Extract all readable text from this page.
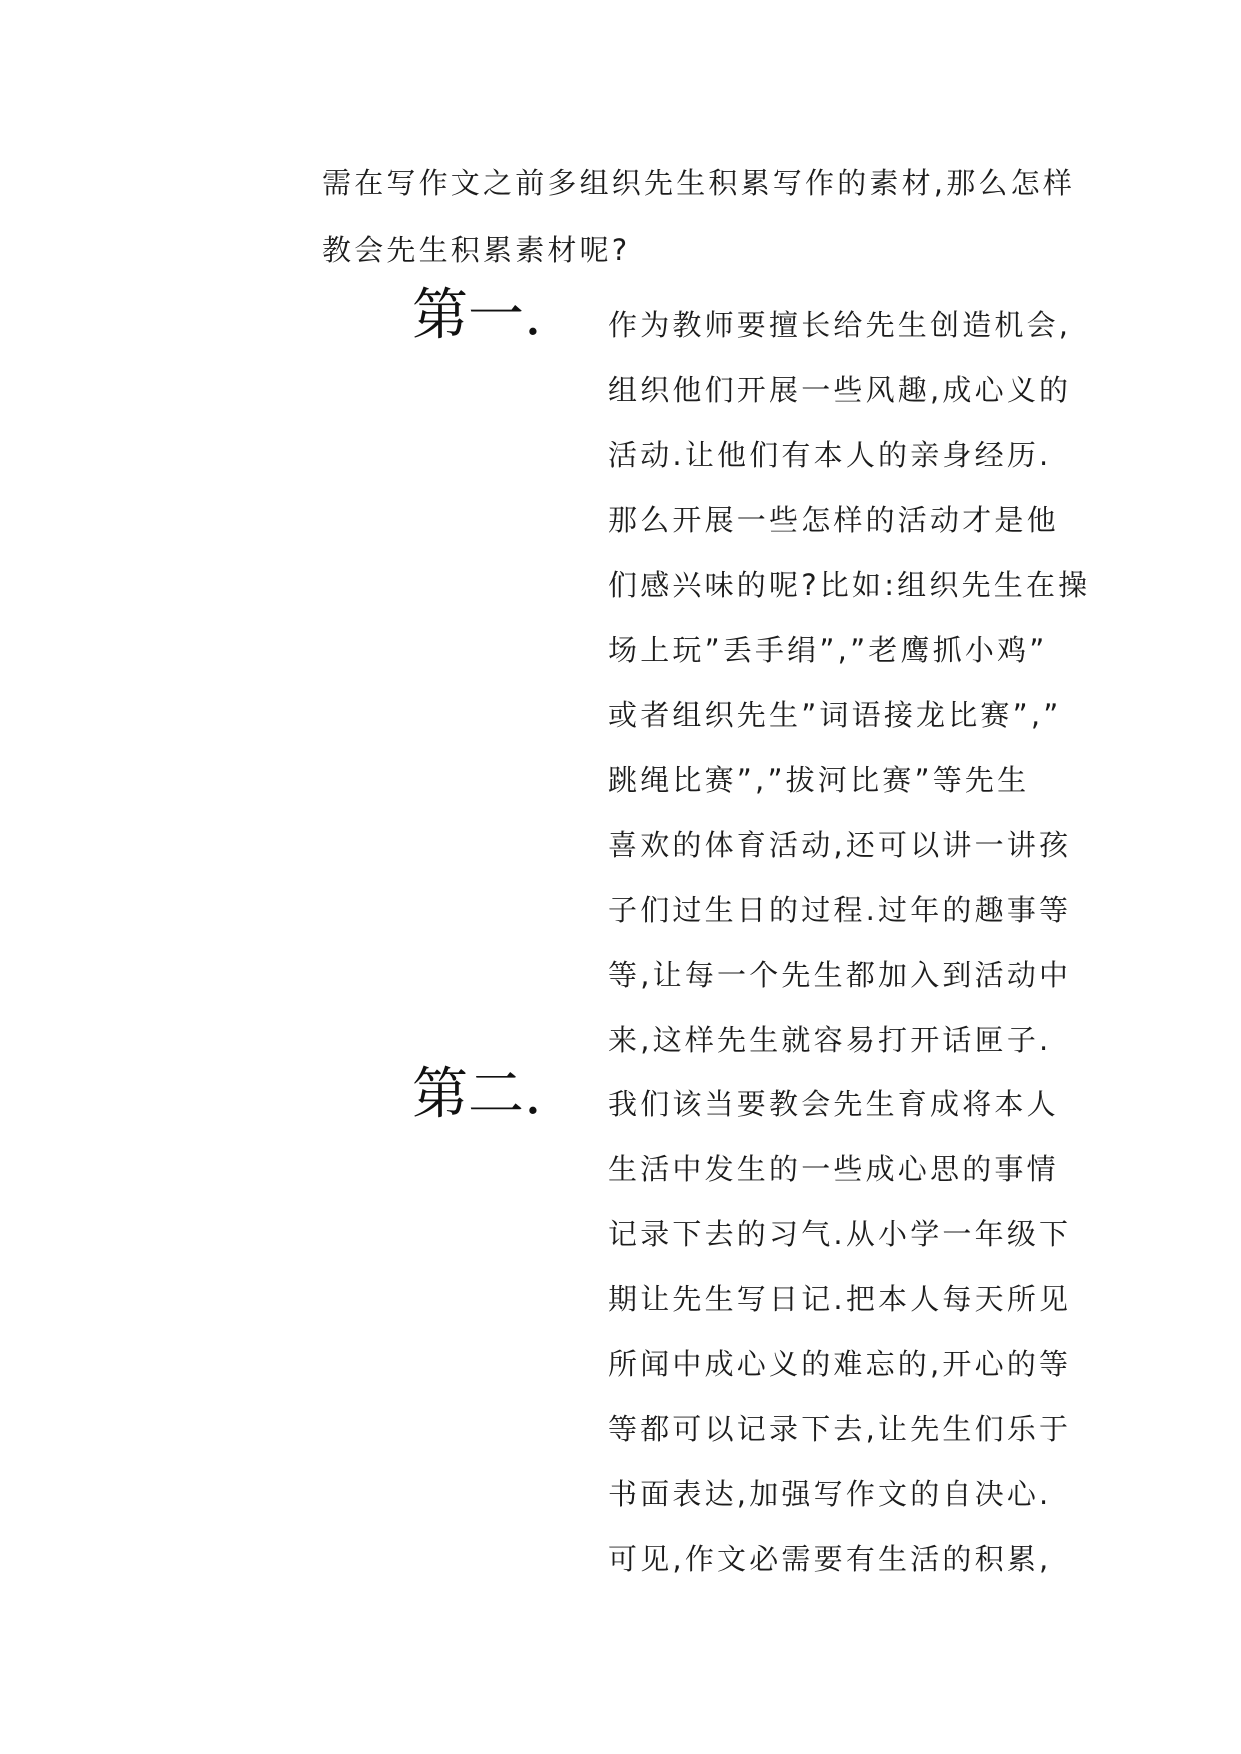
需在写作文之前多组织先生积累写作的素材,那么怎样

教会先生积累素材呢?

第一. 作为教师要擅长给先生创造机会,

组织他们开展一些风趣,成心义的

活动.让他们有本人的亲身经历.

那么开展一些怎样的活动才是他

们感兴味的呢?比如:组织先生在操

场上玩”丢手绢”,”老鹰抓小鸡”

或者组织先生”词语接龙比赛”,”

跳绳比赛”,”拔河比赛”等先生

喜欢的体育活动,还可以讲一讲孩

子们过生日的过程.过年的趣事等

等,让每一个先生都加入到活动中

来,这样先生就容易打开话匣子.

第二. 我们该当要教会先生育成将本人

生活中发生的一些成心思的事情

记录下去的习气.从小学一年级下

期让先生写日记.把本人每天所见

所闻中成心义的难忘的,开心的等

等都可以记录下去,让先生们乐于

书面表达,加强写作文的自决心.

可见,作文必需要有生活的积累,
